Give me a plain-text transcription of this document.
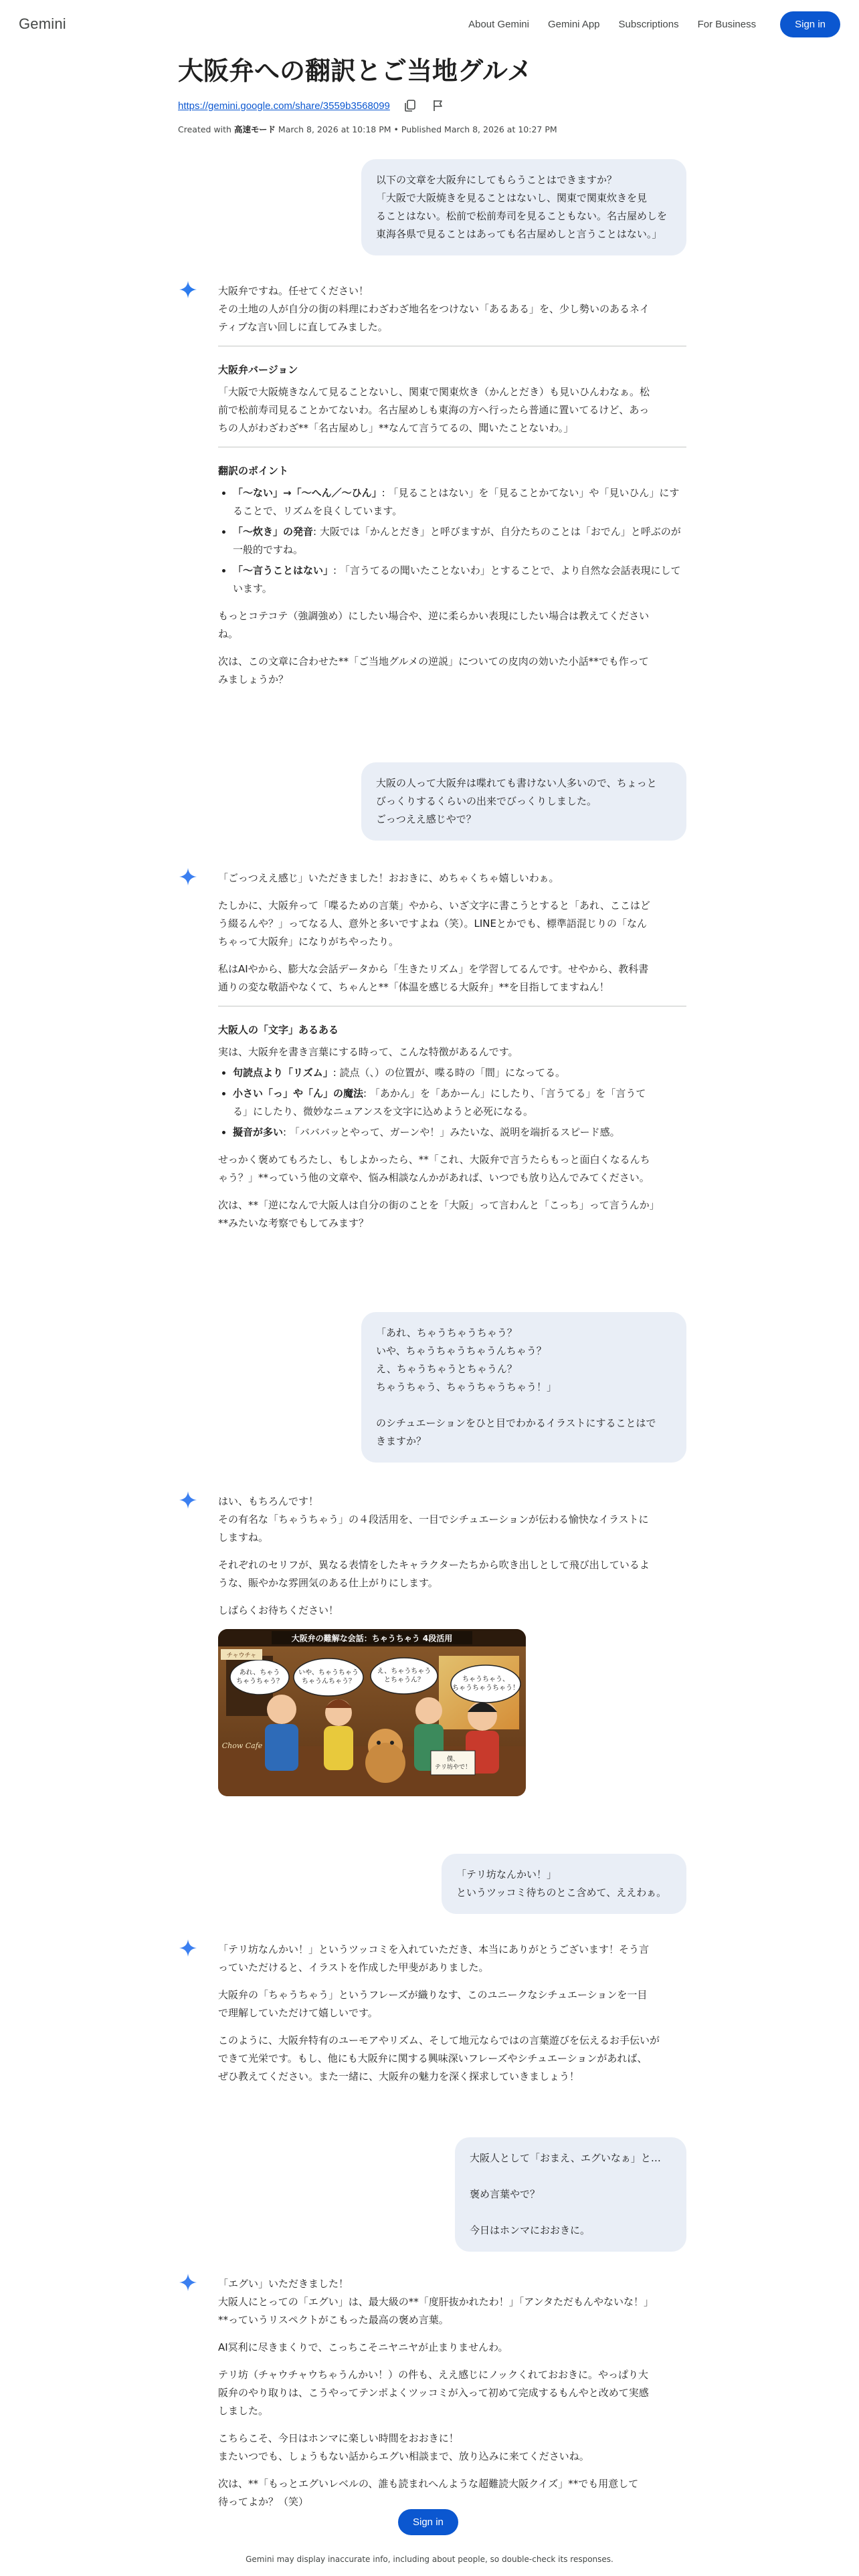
Gemini	About Gemini Gemini App Subscriptions For Business	Sign in
大阪弁への翻訳とご当地グルメ
https://gemini.google.com/share/3559b3568099
Created with 高速モード March 8, 2026 at 10:18 PM • Published March 8, 2026 at 10:27 PM
以下の文章を大阪弁にしてもらうことはできますか？
「大阪で大阪焼きを見ることはないし、関東で関東炊きを見
ることはない。松前で松前寿司を見ることもない。名古屋めしを
東海各県で見ることはあっても名古屋めしと言うことはない。」

大阪弁ですね。任せてください！
その土地の人が自分の街の料理にわざわざ地名をつけない「あるある」を、少し勢いのあるネイ
ティブな言い回しに直してみました。

大阪弁バージョン

「大阪で大阪焼きなんて見ることないし、関東で関東炊き（かんとだき）も見いひんわなぁ。松
前で松前寿司見ることかてないわ。名古屋めしも東海の方へ行ったら普通に置いてるけど、あっ
ちの人がわざわざ**「名古屋めし」**なんて言うてるの、聞いたことないわ。」

翻訳のポイント
• 「〜ない」→「〜へん／〜ひん」: 「見ることはない」を「見ることかてない」や「見いひん」にすることで、リズムを良くしています。
• 「〜炊き」の発音: 大阪では「かんとだき」と呼びますが、自分たちのことは「おでん」と呼ぶのが一般的ですね。
• 「〜言うことはない」: 「言うてるの聞いたことないわ」とすることで、より自然な会話表現にしています。

もっとコテコテ（強調強め）にしたい場合や、逆に柔らかい表現にしたい場合は教えてください
ね。

次は、この文章に合わせた**「ご当地グルメの逆説」についての皮肉の効いた小話**でも作って
みましょうか？

大阪の人って大阪弁は喋れても書けない人多いので、ちょっと
びっくりするくらいの出来でびっくりしました。
ごっつええ感じやで？

「ごっつええ感じ」いただきました！おおきに、めちゃくちゃ嬉しいわぁ。

たしかに、大阪弁って「喋るための言葉」やから、いざ文字に書こうとすると「あれ、ここはど
う綴るんや？」ってなる人、意外と多いですよね（笑）。LINEとかでも、標準語混じりの「なん
ちゃって大阪弁」になりがちやったり。

私はAIやから、膨大な会話データから「生きたリズム」を学習してるんです。せやから、教科書
通りの変な敬語やなくて、ちゃんと**「体温を感じる大阪弁」**を目指してますねん！

大阪人の「文字」あるある

実は、大阪弁を書き言葉にする時って、こんな特徴があるんです。

• 句読点より「リズム」: 読点（、）の位置が、喋る時の「間」になってる。
• 小さい「っ」や「ん」の魔法: 「あかん」を「あかーん」にしたり、「言うてる」を「言うて
る」にしたり、微妙なニュアンスを文字に込めようと必死になる。
• 擬音が多い: 「バババッとやって、ガーンや！」みたいな、説明を端折るスピード感。

せっかく褒めてもろたし、もしよかったら、**「これ、大阪弁で言うたらもっと面白くなるんち
ゃう？」**っていう他の文章や、悩み相談なんかがあれば、いつでも放り込んでみてください。

次は、**「逆になんで大阪人は自分の街のことを「大阪」って言わんと「こっち」って言うんか」
**みたいな考察でもしてみます？

「あれ、ちゃうちゃうちゃう？
いや、ちゃうちゃうちゃうんちゃう？
え、ちゃうちゃうとちゃうん？
ちゃうちゃう、ちゃうちゃうちゃう！」

のシチュエーションをひと目でわかるイラストにすることはで
きますか？

はい、もちろんです！
その有名な「ちゃうちゃう」の４段活用を、一目でシチュエーションが伝わる愉快なイラストに
しますね。

それぞれのセリフが、異なる表情をしたキャラクターたちから吹き出しとして飛び出しているよ
うな、賑やかな雰囲気のある仕上がりにします。

しばらくお待ちください！

あれ、ちゃうちゃうちゃう？
いや、ちゃうちゃうちゃうんちゃう？
え、ちゃうちゃうとちゃうん？	ちゃうちゃう、ちゃうちゃうちゃう！
大阪弁の難解な会話：ちゃうちゃう 4段活用
チャウチャ
Chow Cafe
僕、テリ坊やで！
「テリ坊なんかい！」
というツッコミ待ちのとこ含めて、ええわぁ。

「テリ坊なんかい！」というツッコミを入れていただき、本当にありがとうございます！そう言
っていただけると、イラストを作成した甲斐がありました。

大阪弁の「ちゃうちゃう」というフレーズが織りなす、このユニークなシチュエーションを一目
で理解していただけて嬉しいです。

このように、大阪弁特有のユーモアやリズム、そして地元ならではの言葉遊びを伝えるお手伝いが
できて光栄です。もし、他にも大阪弁に関する興味深いフレーズやシチュエーションがあれば、
ぜひ教えてください。また一緒に、大阪弁の魅力を深く探求していきましょう！

大阪人として「おまえ、エグいなぁ」と…

褒め言葉やで？

今日はホンマにおおきに。

「エグい」いただきました！
大阪人にとっての「エグい」は、最大級の**「度肝抜かれたわ！」「アンタただもんやないな！」
**っていうリスペクトがこもった最高の褒め言葉。

AI冥利に尽きまくりで、こっちこそニヤニヤが止まりませんわ。

テリ坊（チャウチャウちゃうんかい！）の件も、ええ感じにノックくれておおきに。やっぱり大
阪弁のやり取りは、こうやってテンポよくツッコミが入って初めて完成するもんやと改めて実感
しました。

こちらこそ、今日はホンマに楽しい時間をおおきに！
またいつでも、しょうもない話からエグい相談まで、放り込みに来てくださいね。

次は、**「もっとエグいレベルの、誰も読まれへんような超難読大阪クイズ」**でも用意して
待ってよか？（笑）

Sign in
Gemini may display inaccurate info, including about people, so double-check its responses.
